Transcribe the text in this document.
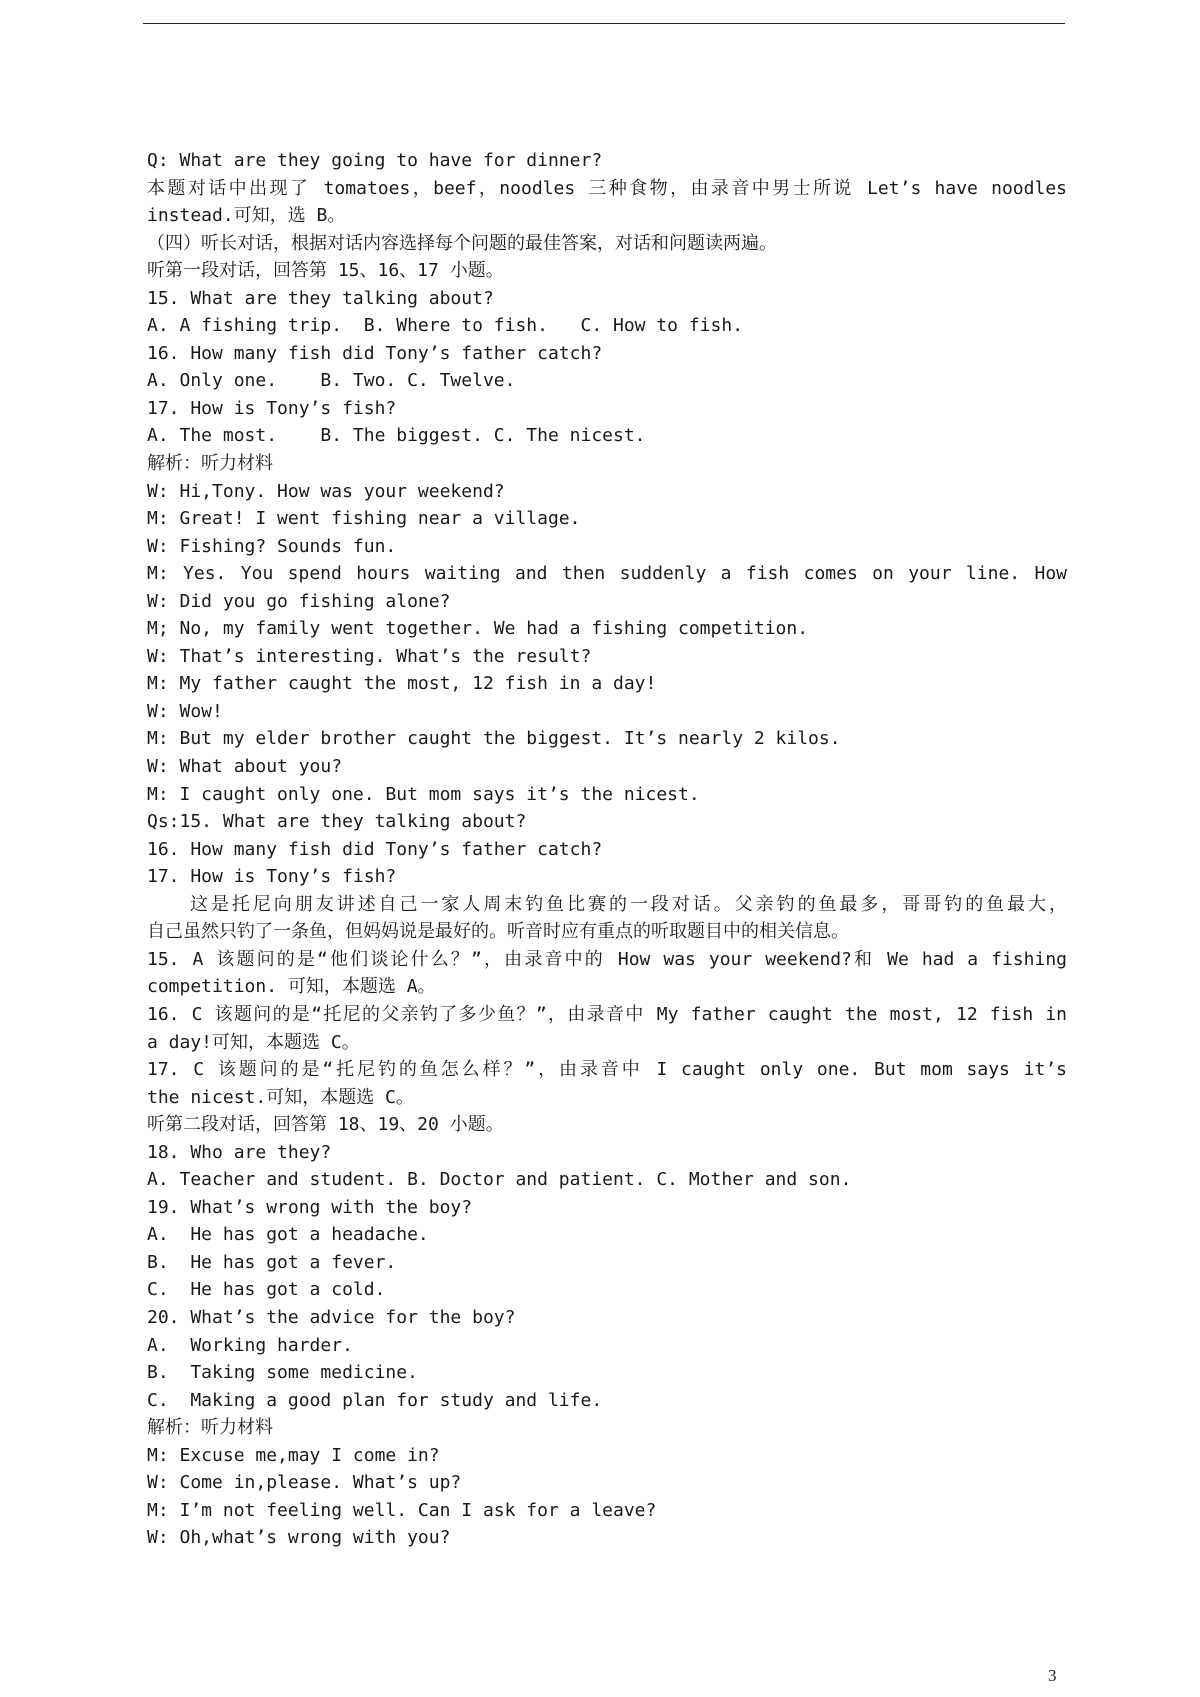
Q: What are they going to have for dinner?
本题对话中出现了 tomatoes，beef，noodles 三种食物，由录音中男士所说 Let’s have noodles
instead.可知，选 B。
（四）听长对话，根据对话内容选择每个问题的最佳答案，对话和问题读两遍。
听第一段对话，回答第 15、16、17 小题。
15. What are they talking about?
A. A fishing trip.  B. Where to fish.   C. How to fish.
16. How many fish did Tony’s father catch?
A. Only one.    B. Two. C. Twelve.
17. How is Tony’s fish?
A. The most.    B. The biggest. C. The nicest.
解析：听力材料
W: Hi,Tony. How was your weekend?
M: Great! I went fishing near a village.
W: Fishing? Sounds fun.
M: Yes. You spend hours waiting and then suddenly a fish comes on your line. How
W: Did you go fishing alone?
M; No, my family went together. We had a fishing competition.
W: That’s interesting. What’s the result?
M: My father caught the most, 12 fish in a day!
W: Wow!
M: But my elder brother caught the biggest. It’s nearly 2 kilos.
W: What about you?
M: I caught only one. But mom says it’s the nicest.
Qs:15. What are they talking about?
16. How many fish did Tony’s father catch?
17. How is Tony’s fish?
这是托尼向朋友讲述自己一家人周末钓鱼比赛的一段对话。父亲钓的鱼最多，哥哥钓的鱼最大，
自己虽然只钓了一条鱼，但妈妈说是最好的。听音时应有重点的听取题目中的相关信息。
15. A 该题问的是“他们谈论什么？”，由录音中的 How was your weekend?和 We had a fishing
competition. 可知，本题选 A。
16. C 该题问的是“托尼的父亲钓了多少鱼？”，由录音中 My father caught the most, 12 fish in
a day!可知，本题选 C。
17. C 该题问的是“托尼钓的鱼怎么样？”，由录音中 I caught only one. But mom says it’s
the nicest.可知，本题选 C。
听第二段对话，回答第 18、19、20 小题。
18. Who are they?
A. Teacher and student. B. Doctor and patient. C. Mother and son.
19. What’s wrong with the boy?
A.  He has got a headache.
B.  He has got a fever.
C.  He has got a cold.
20. What’s the advice for the boy?
A.  Working harder.
B.  Taking some medicine.
C.  Making a good plan for study and life.
解析：听力材料
M: Excuse me,may I come in?
W: Come in,please. What’s up?
M: I’m not feeling well. Can I ask for a leave?
W: Oh,what’s wrong with you?
3
